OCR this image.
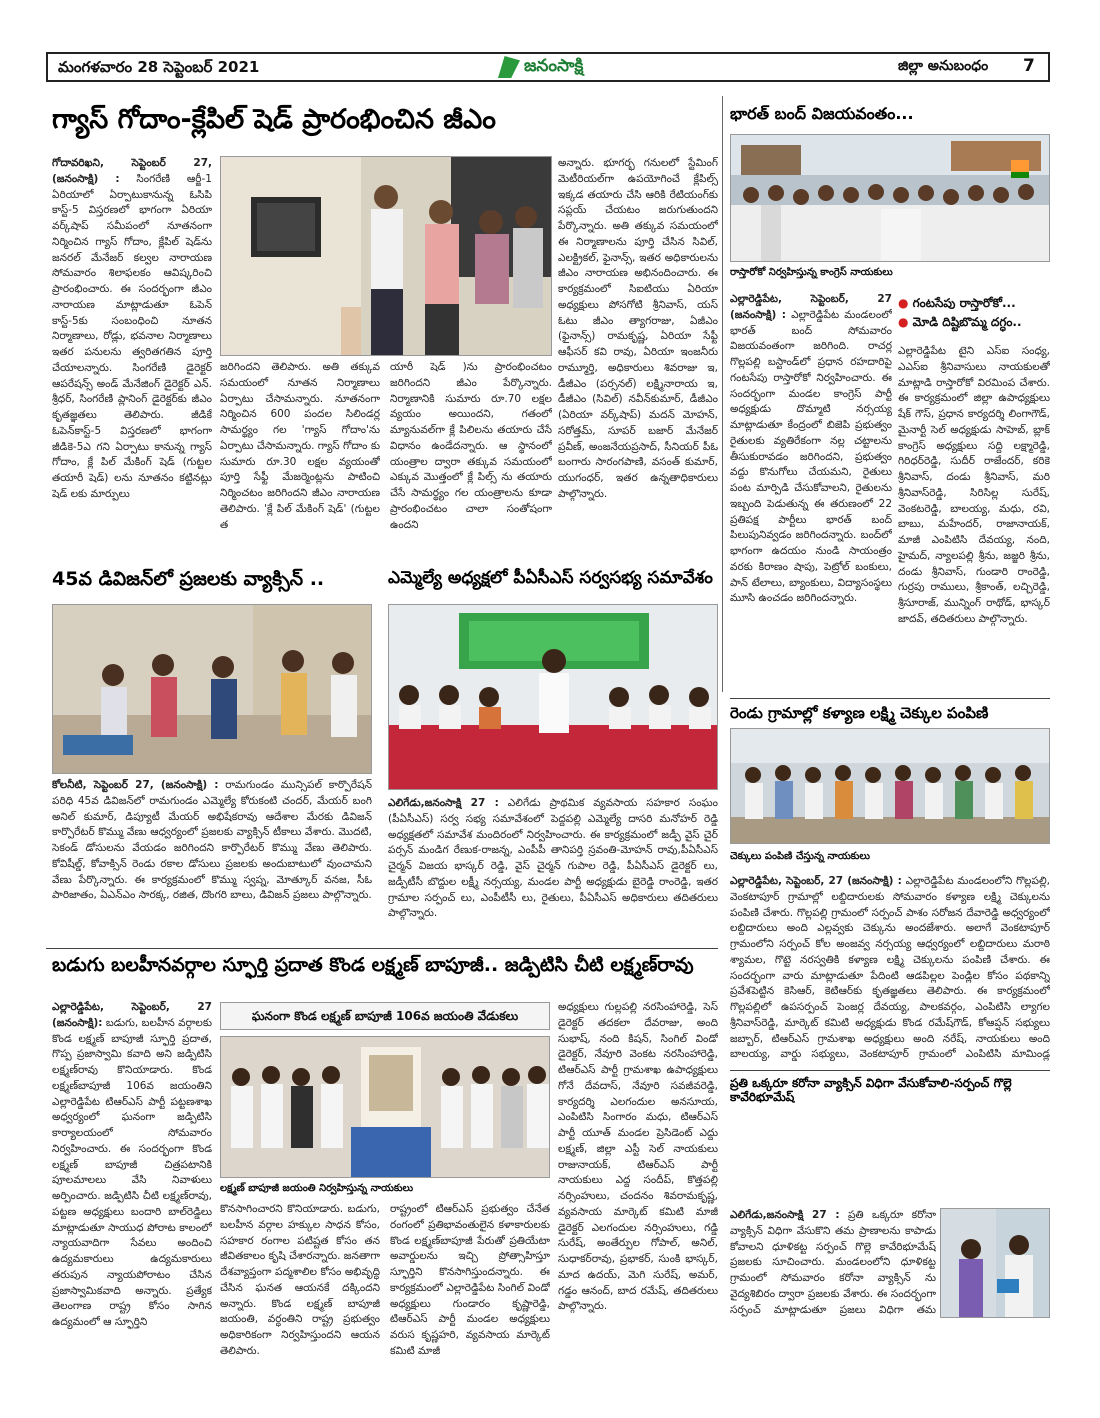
మంగళవారం 28 సెప్టెంబర్ 2021	జనంసాక్షి	జిల్లా అనుబంధం 7
గ్యాస్ గోదాం-క్లేపిల్ షెడ్ ప్రారంభించిన జీఎం
గోదావరిఖని, సెప్టెంబర్ 27, (జనంసాక్షి) : సింగరేణి ఆర్జీ-1 ఏరియాలో ఏర్పాటుకానున్న ఓసిపి కాస్ట్-5 విస్తరణలో భాగంగా ఏరియా వర్క్‌షాప్ సమీపంలో నూతనంగా నిర్మించిన గ్యాస్ గోదాం, క్లేపిల్ షెడ్‌ను జనరల్ మేనేజర్ కల్వల నారాయణ సోమవారం శిలాఫలకం ఆవిష్కరించి ప్రారంభించారు. ఈ సందర్భంగా జీఎం నారాయణ మాట్లాడుతూ ఓపెన్ కాస్ట్-5కు సంబంధించి నూతన నిర్మాణాలు, రోడ్లు, భవనాల నిర్మాణాలు ఇతర పనులను త్వరితగతిన పూర్తి చేయాలన్నారు. సింగరేణి డైరెక్టర్ ఆపరేషన్స్ అండ్ మేనేజింగ్ డైరెక్టర్ ఎన్. శ్రీధర్, సింగరేణి ప్లానింగ్ డైరెక్టర్‌కు జీఎం కృతజ్ఞతలు తెలిపారు. జీడికే ఓపెన్‌కాస్ట్-5 విస్తరణలో భాగంగా జీడికె-5ఎ గని ఏర్పాటు కానున్న గ్యాస్ గోదాం, క్లే పిల్ మేకింగ్ షెడ్ (గుట్టల తయారీ షెడ్) లను నూతనం కట్టినట్లు షెడ్ లకు మార్పులు
జరిగిందని తెలిపారు. అతి తక్కువ సమయంలో నూతన నిర్మాణాలు ఏర్పాటు చేసామన్నారు. నూతనంగా నిర్మించిన 600 పందల సిలిండర్ల సామర్థ్యం గల 'గ్యాస్ గోదాం'ను ఏర్పాటు చేసామన్నారు. గ్యాస్ గోదాం కు సుమారు రూ.30 లక్షల వ్యయంతో పూర్తి సేఫ్టీ మేజర్మెంట్లను పాటించి నిర్మించటం జరిగిందని జీఎం నారాయణ తెలిపారు. 'క్లే పిల్ మేకింగ్ షెడ్' (గుట్టల త
యారీ షెడ్ )ను ప్రారంభించటం జరిగిందని జీఎం పేర్కొన్నారు. నిర్మాణానికి సుమారు రూ.70 లక్షల వ్యయం అయిందని, గతంలో మ్యానువల్‌గా క్లే పిలిలను తయారు చేసే విధానం ఉండేదన్నారు. ఆ స్థానంలో యంత్రాల ద్వారా తక్కువ సమయంలో ఎక్కువ మొత్తంలో క్లే పిల్స్ ను తయారు చేసే సామర్థ్యం గల యంత్రాలను కూడా ప్రారంభించటం చాలా సంతోషంగా ఉందని
అన్నారు. భూగర్భ గనులలో స్టేమింగ్ మెటీరియల్‌గా ఉపయోగించే క్లేపిల్స్ ఇక్కడ తయారు చేసి ఆరికి రేటియంగ్‌కు సప్లయ్ చేయటం జరుగుతుందని పేర్కొన్నారు. అతి తక్కువ సమయంలో ఈ నిర్మాణాలను పూర్తి చేసిన సివిల్, ఎలక్ట్రికల్, ఫైనాన్స్, ఇతర అధికారులను జీఎం నారాయణ అభినందించారు. ఈ కార్యక్రమంలో సిఐటియు ఏరియా అధ్యక్షులు పోసగోటి శ్రీనివాస్, యస్ ఓటు జీఎం త్యాగరాజు, ఏజీఎం (ఫైనాన్స్) రామకృష్ణ, ఏరియా సేఫ్టీ ఆఫీసర్ కవి రావు, ఏరియా ఇంజనీరు రామ్మూర్తి, అధికారులు శివరాజు ఇ, డీజీఎం (పర్సనల్) లక్ష్మినారాయ ఇ, డీజీఎం (సివిల్) నవీన్‌కుమార్, డీజీఎం (ఏరియా వర్క్‌షాప్) మదన్ మోహన్, సరోత్తమ్, సూపర్ బజార్ మేనేజర్ ప్రవీణ్, అంజనేయప్రసాద్, సీనియర్ పీఓ బంగారు సారంగపాణి, వసంత్ కుమార్, యుగంధర్, ఇతర ఉన్నతాధికారులు పాల్గొన్నారు.
భారత్ బంద్ విజయవంతం...
రాస్తారోకో నిర్వహిస్తున్న కాంగ్రెస్ నాయకులు
ఎల్లారెడ్డిపేట, సెప్టెంబర్, 27 (జనంసాక్షి) : ఎల్లారెడ్డిపేట మండలంలో భారత్ బంద్ సోమవారం విజయవంతంగా జరిగింది. రాచర్ల గొల్లపల్లి బస్టాండ్‌లో ప్రధాన రహదారిపై గంటసేపు రాస్తారోకో నిర్వహించారు. ఈ సందర్భంగా మండల కాంగ్రెస్ పార్టీ అధ్యక్షుడు దొమ్మాటి నర్సయ్య మాట్లాడుతూ కేంద్రంలో బిజెపి ప్రభుత్వం రైతులకు వ్యతిరేకంగా నల్ల చట్టాలను తీసుకురావడం జరిగిందని, ప్రభుత్వం వద్దు కొనుగోలు చేయమని, రైతులు పంట మార్పిడి చేసుకోవాలని, రైతులను ఇబ్బంది పెడుతున్న ఈ తరుణంలో 22 ప్రతిపక్ష పార్టీలు భారత్ బంద్ పిలుపునివ్వడం జరిగిందన్నారు. బంద్‌లో భాగంగా ఉదయం నుండి సాయంత్రం వరకు కిరాణం షాపు, పెట్రోల్ బంకులు, పాన్ టేలాలు, బ్యాంకులు, విద్యాసంస్థలు మూసి ఉంచడం జరిగిందన్నారు.
● గంటసేపు రాస్తారోకో...
● మోడి దిష్టిబొమ్మ దగ్ధం..
ఎల్లారెడ్డిపేట టైని ఎస్‌ఐ సంధ్య, ఎఎస్‌ఐ శ్రీనివాసులు నాయకులతో మాట్లాడి రాస్తారోకో విరమింప చేశారు. ఈ కార్యక్రమంలో జిల్లా ఉపాధ్యక్షులు షేక్ గౌస్, ప్రధాన కార్యదర్శి లింగాగౌడ్, మైనార్టీ సెల్ అధ్యక్షుడు సాహెబ్, బ్లాక్ కాంగ్రెస్ అధ్యక్షులు సద్ది లక్ష్మారెడ్డి, గిరిధర్‌రెడ్డి, సుదీర్ రాజేందర్, కరికె శ్రీనివాస్, దండు శ్రీనివాస్, మరి శ్రీనివాస్‌రెడ్డి, సిరిసిల్ల సురేష్, వెంకటరెడ్డి, బాలయ్య, మధు, రవి, బాబు, మహేందర్, రాజానాయక్, మాజీ ఎంపిటిసి దేవయ్య, నంది, హైమద్, న్యాలపల్లి శ్రీను, జజ్జరి శ్రీను, దండు శ్రీనివాస్, గుండారి రాంరెడ్డి, గుర్రపు రాములు, శ్రీకాంత్, లచ్చిరెడ్డి, శ్రీసూరాజ్, మున్నింగ్ రాథోడ్, భాస్కర్ జాదవ్, తదితరులు పాల్గొన్నారు.
45వ డివిజన్‌లో ప్రజలకు వ్యాక్సిన్ ..
కోలనీటి, సెప్టెంబర్ 27, (జనంసాక్షి) : రామగుండం మున్సిపల్ కార్పొరేషన్ పరిధి 45వ డివిజన్‌లో రామగుండం ఎమ్మెల్యే కోరుకంటి చందర్, మేయర్ బంగి అనిల్ కుమార్, డిప్యూటీ మేయర్ అభిషేకరావు ఆదేశాల మేరకు డివిజన్ కార్పొరేటర్ కొమ్ము వేణు ఆధ్వర్యంలో ప్రజలకు వ్యాక్సిన్ టీకాలు వేశారు. మొదటి, సెకండ్ డోసులను వేయడం జరిగిందని కార్పొరేటర్ కొమ్ము వేణు తెలిపారు. కోవిషీల్డ్, కోవాక్సిన్ రెండు రకాల డోసులు ప్రజలకు అందుబాటులో వుంచామని వేణు పేర్కొన్నారు. ఈ కార్యక్రమంలో కొమ్ము స్వప్న, మోత్కూర్ వనజ, సీఓ పారిజాతం, ఏఎన్ఎం సారక్క, రజిత, దొంగరి బాలు, డివిజన్ ప్రజలు పాల్గొన్నారు.
ఎమ్మెల్యే అధ్యక్షలో పీఏసీఎస్ సర్వసభ్య సమావేశం
ఎలిగేడు,జనంసాక్షి 27 : ఎలిగేడు ప్రాథమిక వ్యవసాయ సహకార సంఘం (పీఏసీఎస్) సర్వ సభ్య సమావేశంలో పెద్దపల్లి ఎమ్మెల్యే దాసరి మనోహర్ రెడ్డి అధ్యక్షతలో సమావేశ మందిరంలో నిర్వహించారు. ఈ కార్యక్రమంలో జడ్పీ వైస్ చైర్ పర్సన్ మండిగ రేణుక-రాజన్న, ఎంపీపీ తానిపర్తి స్రవంతి-మోహన్ రావు,పీఏసీఎస్ చైర్మన్ విజయ భాస్కర్ రెడ్డి, వైస్ చైర్మన్ గుపాల రెడ్డి, పీఏసీఎస్ డైరెక్టర్ లు, జడ్పీటీసీ బొద్దుల లక్ష్మీ నర్సయ్య, మండల పార్టీ అధ్యక్షుడు బైరెడ్డి రాంరెడ్డి, ఇతర గ్రామాల సర్పంచ్ లు, ఎంపీటీసీ లు, రైతులు, పీఏసీఎస్ అధికారులు తదితరులు పాల్గొన్నారు.
రెండు గ్రామాల్లో కళ్యాణ లక్ష్మి చెక్కుల పంపిణి
చెక్కులు పంపిణి చేస్తున్న నాయకులు
ఎల్లారెడ్డిపేట, సెప్టెంబర్, 27 (జనంసాక్షి) : ఎల్లారెడ్డిపేట మండలంలోని గొల్లపల్లి, వెంకటాపూర్ గ్రామాల్లో లబ్దిదారులకు సోమవారం కళ్యాణ లక్ష్మి చెక్కులను పంపిణి చేశారు. గొల్లపల్లి గ్రామంలో సర్పంచ్ పాశం సరోజన దేవారెడ్డి అధ్వర్యంలో లబ్దిదారులు అంది ఎల్లవ్వకు చెక్కును అందజేశారు. అలాగే వెంకటాపూర్ గ్రామంలోని సర్పంచ్ కోల అంజవ్వ నర్సయ్య ఆధ్వర్యంలో లబ్దిదారులు మరాఠి శ్యామల, గొట్టె నరస్వతికి కళ్యాణ లక్ష్మి చెక్కులను పంపిణి చేశారు. ఈ సందర్భంగా వారు మాట్లాడుతూ పేదింటి ఆడపిల్లల పెండ్లిల కోసం పథకాన్ని ప్రవేశపెట్టిన కెసిఆర్, కెటిఆర్‌కు కృతజ్ఞతలు తెలిపారు. ఈ కార్యక్రమంలో గొల్లపల్లిలో ఉపసర్పంచ్ పెంజర్ల దేవయ్య, పాలకవర్గం, ఎంపిటిసి ల్యాగల శ్రీనివాస్‌రెడ్డి, మార్కెట్ కమిటి అధ్యక్షుడు కొండ రమేష్‌గౌడ్, కోఆప్షన్ సభ్యులు జబ్బార్, టిఆర్ఎస్ గ్రామశాఖ అధ్యక్షులు అంది నరేష్, నాయకులు అంది బాలయ్య, వార్డు సభ్యులు, వెంకటాపూర్ గ్రామంలో ఎంపిటిసి మామిండ్ల
బడుగు బలహీనవర్గాల స్ఫూర్తి ప్రదాత కొండ లక్ష్మణ్ బాపూజీ.. జడ్పిటిసి చీటి లక్ష్మణ్‌రావు
ఎల్లారెడ్డిపేట, సెప్టెంబర్, 27 (జనంసాక్షి): బడుగు, బలహీన వర్గాలకు కొండ లక్ష్మణ్ బాపూజీ స్ఫూర్తి ప్రదాత, గొప్ప ప్రజాస్వామి కవాది అని జడ్పిటిసి లక్ష్మణ్‌రావు కొనియాడారు. కొండ లక్ష్మణ్‌బాపూజీ 106వ జయంతిని ఎల్లారెడ్డిపేట టిఆర్ఎస్ పార్టీ పట్టణశాఖ అధ్వర్యంలో ఘనంగా జడ్పిటిసి కార్యాలయంలో సోమవారం నిర్వహించారు. ఈ సందర్భంగా కొండ లక్ష్మణ్ బాపూజీ చిత్రపటానికి పూలమాలలు వేసి నివాళులు అర్పించారు. జడ్పిటిసి చీటి లక్ష్మణ్‌రావు, పట్టణ అధ్యక్షులు బందారి బాల్‌రెడ్డిలు మాట్లాడుతూ సాయుధ పోరాట కాలంలో న్యాయవాదిగా సేవలు అందించి ఉద్యమకారులు ఉద్యమకారులు తరుపున న్యాయపోరాటం చేసిన ప్రజాస్వామికవాది అన్నారు. ప్రత్యేక తెలంగాణ రాష్ట్ర కోసం సాగిన ఉద్యమంలో ఆ స్ఫూర్తిని
ఘనంగా కొండ లక్ష్మణ్ బాపూజీ 106వ జయంతి వేడుకలు
లక్ష్మణ్ బాపూజీ జయంతి నిర్వహిస్తున్న నాయకులు
కొనసాగించారని కొనియాడారు. బడుగు, బలహీన వర్గాల హక్కుల సాధన కోసం, సహకార రంగాల పటిష్టత కోసం తన జీవితకాలం కృషి చేశారన్నారు. జనతాగా దేశవ్యాప్తంగా పద్మశాలిల కోసం అభివృద్ధి చేసిన ఘనత ఆయనకే దక్కిందని అన్నారు. కొండ లక్ష్మణ్ బాపూజీ జయంతి, వర్ధంతిని రాష్ట్ర ప్రభుత్వం అధికారికంగా నిర్వహిస్తుందని ఆయన తెలిపారు.
రాష్ట్రంలో టిఆర్ఎస్ ప్రభుత్వం చేనేత రంగంలో ప్రతిభావంతులైన కళాకారులకు కొండ లక్ష్మణ్‌బాపూజీ పేరుతో ప్రతియేటా అవార్డులను ఇచ్చి ప్రోత్సాహిస్తూ స్ఫూర్తిని కొనసాగిస్తుందన్నారు. ఈ కార్యక్రమంలో ఎల్లారెడ్డిపేట సింగిల్ విండో అధ్యక్షులు గుండారం కృష్ణారెడ్డి, టిఆర్ఎస్ పార్టీ మండల అధ్యక్షులు వరుస కృష్ణహరి, వ్యవసాయ మార్కెట్ కమిటి మాజీ
అధ్యక్షులు గుల్లపల్లి నరసింహారెడ్డి, సెస్ డైరెక్టర్ తదకలా దేవరాజు, అంది సుభాష్, నంది కిషన్, సింగిల్ విండో డైరెక్టర్, నేవూరి వెంకట నరసింహారెడ్డి, టిఆర్ఎస్ పార్టీ గ్రామశాఖ ఉపాధ్యక్షులు గోనే దేవదాస్, నేవూరి సవజీవరెడ్డి, కార్యదర్శి ఎలగందుల అనసూయ, ఎంపిటిసి సింగారం మధు, టిఆర్ఎస్ పార్టీ యూత్ మండల ప్రెసిడెంట్ ఎద్దు లక్ష్మణ్, జిల్లా ఎస్టీ సెల్ నాయకులు రాజునాయక్, టిఆర్ఎస్ పార్టీ నాయకులు ఎద్ద సందీప్, కొత్తపల్లి నర్సింహులు, చందనం శివరామకృష్ణ, వ్యవసాయ మార్కెట్ కమిటి మాజీ డైరెక్టర్ ఎలగందుల నర్సింహులు, గడ్డి సురేష్, అంతేర్పుల గోపాల్, అనిల్, సుధాకర్‌రావు, ప్రభాకర్, సుంకి భాస్కర్, మాద ఉదయ్, మెగి సురేష్, అమర్, గడ్డం ఆనంద్, బాద రమేష్, తదితరులు పాల్గొన్నారు.
ప్రతి ఒక్కరూ కరోనా వ్యాక్సిన్ విధిగా వేసుకోవాలి-సర్పంచ్ గొల్లె కావేరిభూమేష్
ఎలిగేడు,జనంసాక్షి 27 : ప్రతి ఒక్కరూ కరోనా వ్యాక్సిన్ విధిగా వేసుకొని తమ ప్రాణాలను కాపాడు కోవాలని ధూళికట్ట సర్పంచ్ గొల్లె కావేరిభూమేష్ ప్రజలకు సూచించారు. మండలంలోని ధూళికట్ట గ్రామంలో సోమవారం కరోనా వ్యాక్సిన్ ను వైద్యశిబిరం ద్వారా ప్రజలకు వేశారు. ఈ సందర్భంగా సర్పంచ్ మాట్లాడుతూ ప్రజలు విధిగా తమ
